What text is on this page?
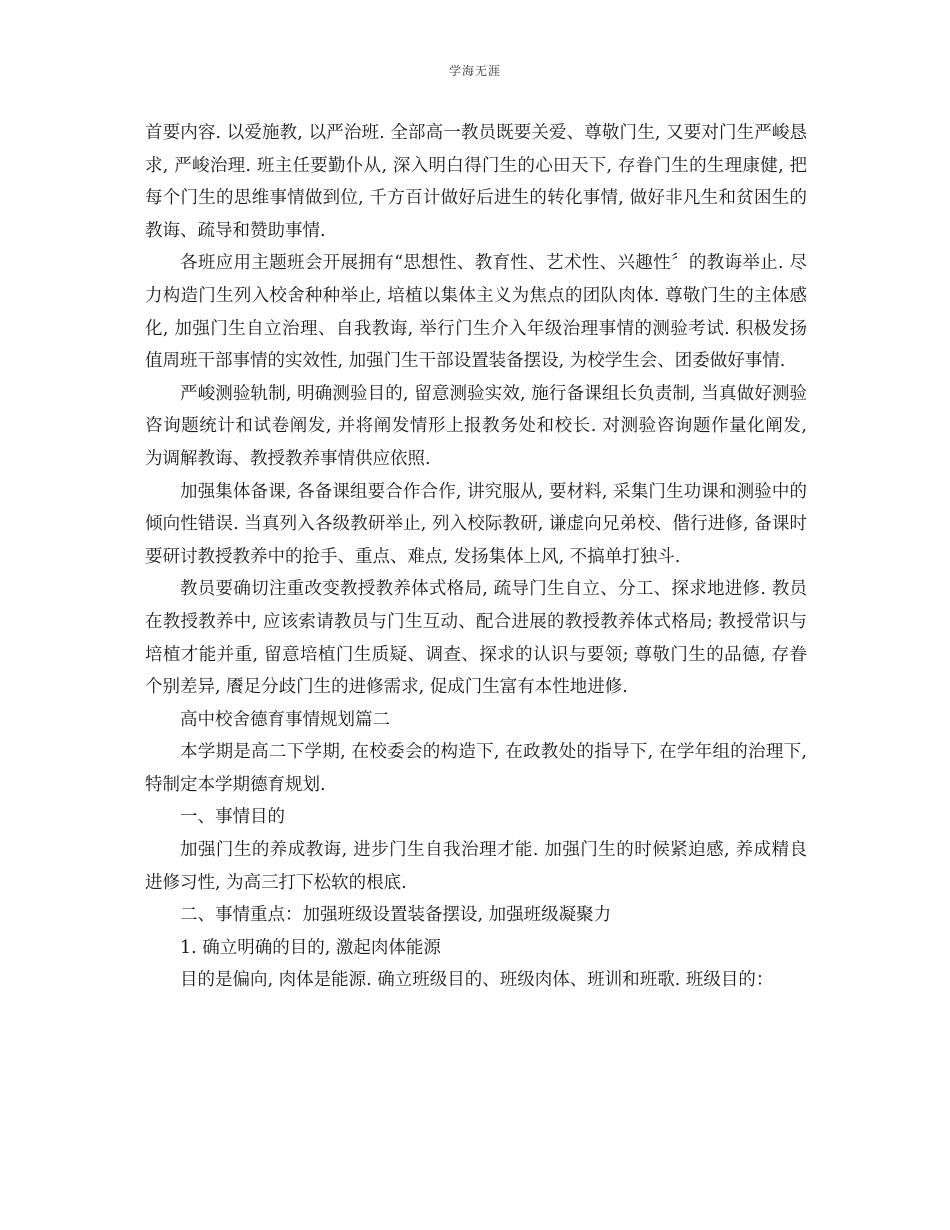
学海无涯

首要内容. 以爱施教, 以严治班. 全部高一教员既要关爱、尊敬门生, 又要对门生严峻恳求, 严峻治理. 班主任要勤仆从, 深入明白得门生的心田天下, 存眷门生的生理康健, 把每个门生的思维事情做到位, 千方百计做好后进生的转化事情, 做好非凡生和贫困生的教诲、疏导和赞助事情.

各班应用主题班会开展拥有“思想性、教育性、艺术性、兴趣性〞的教诲举止. 尽力构造门生列入校舍种种举止, 培植以集体主义为焦点的团队肉体. 尊敬门生的主体感化, 加强门生自立治理、自我教诲, 举行门生介入年级治理事情的测验考试. 积极发扬值周班干部事情的实效性, 加强门生干部设置装备摆设, 为校学生会、团委做好事情.

严峻测验轨制, 明确测验目的, 留意测验实效, 施行备课组长负责制, 当真做好测验咨询题统计和试卷阐发, 并将阐发情形上报教务处和校长. 对测验咨询题作量化阐发, 为调解教诲、教授教养事情供应依照.

加强集体备课, 各备课组要合作合作, 讲究服从, 要材料, 采集门生功课和测验中的倾向性错误. 当真列入各级教研举止, 列入校际教研, 谦虚向兄弟校、偕行进修, 备课时要研讨教授教养中的抢手、重点、难点, 发扬集体上风, 不搞单打独斗.

教员要确切注重改变教授教养体式格局, 疏导门生自立、分工、探求地进修. 教员在教授教养中, 应该索请教员与门生互动、配合进展的教授教养体式格局; 教授常识与培植才能并重, 留意培植门生质疑、调查、探求的认识与要领; 尊敬门生的品德, 存眷个别差异, 餍足分歧门生的进修需求, 促成门生富有本性地进修.

高中校舍德育事情规划篇二

本学期是高二下学期, 在校委会的构造下, 在政教处的指导下, 在学年组的治理下, 特制定本学期德育规划.

一、事情目的

加强门生的养成教诲, 进步门生自我治理才能. 加强门生的时候紧迫感, 养成精良进修习性, 为高三打下松软的根底.

二、事情重点：加强班级设置装备摆设, 加强班级凝聚力

1. 确立明确的目的, 激起肉体能源

目的是偏向, 肉体是能源. 确立班级目的、班级肉体、班训和班歌. 班级目的：
